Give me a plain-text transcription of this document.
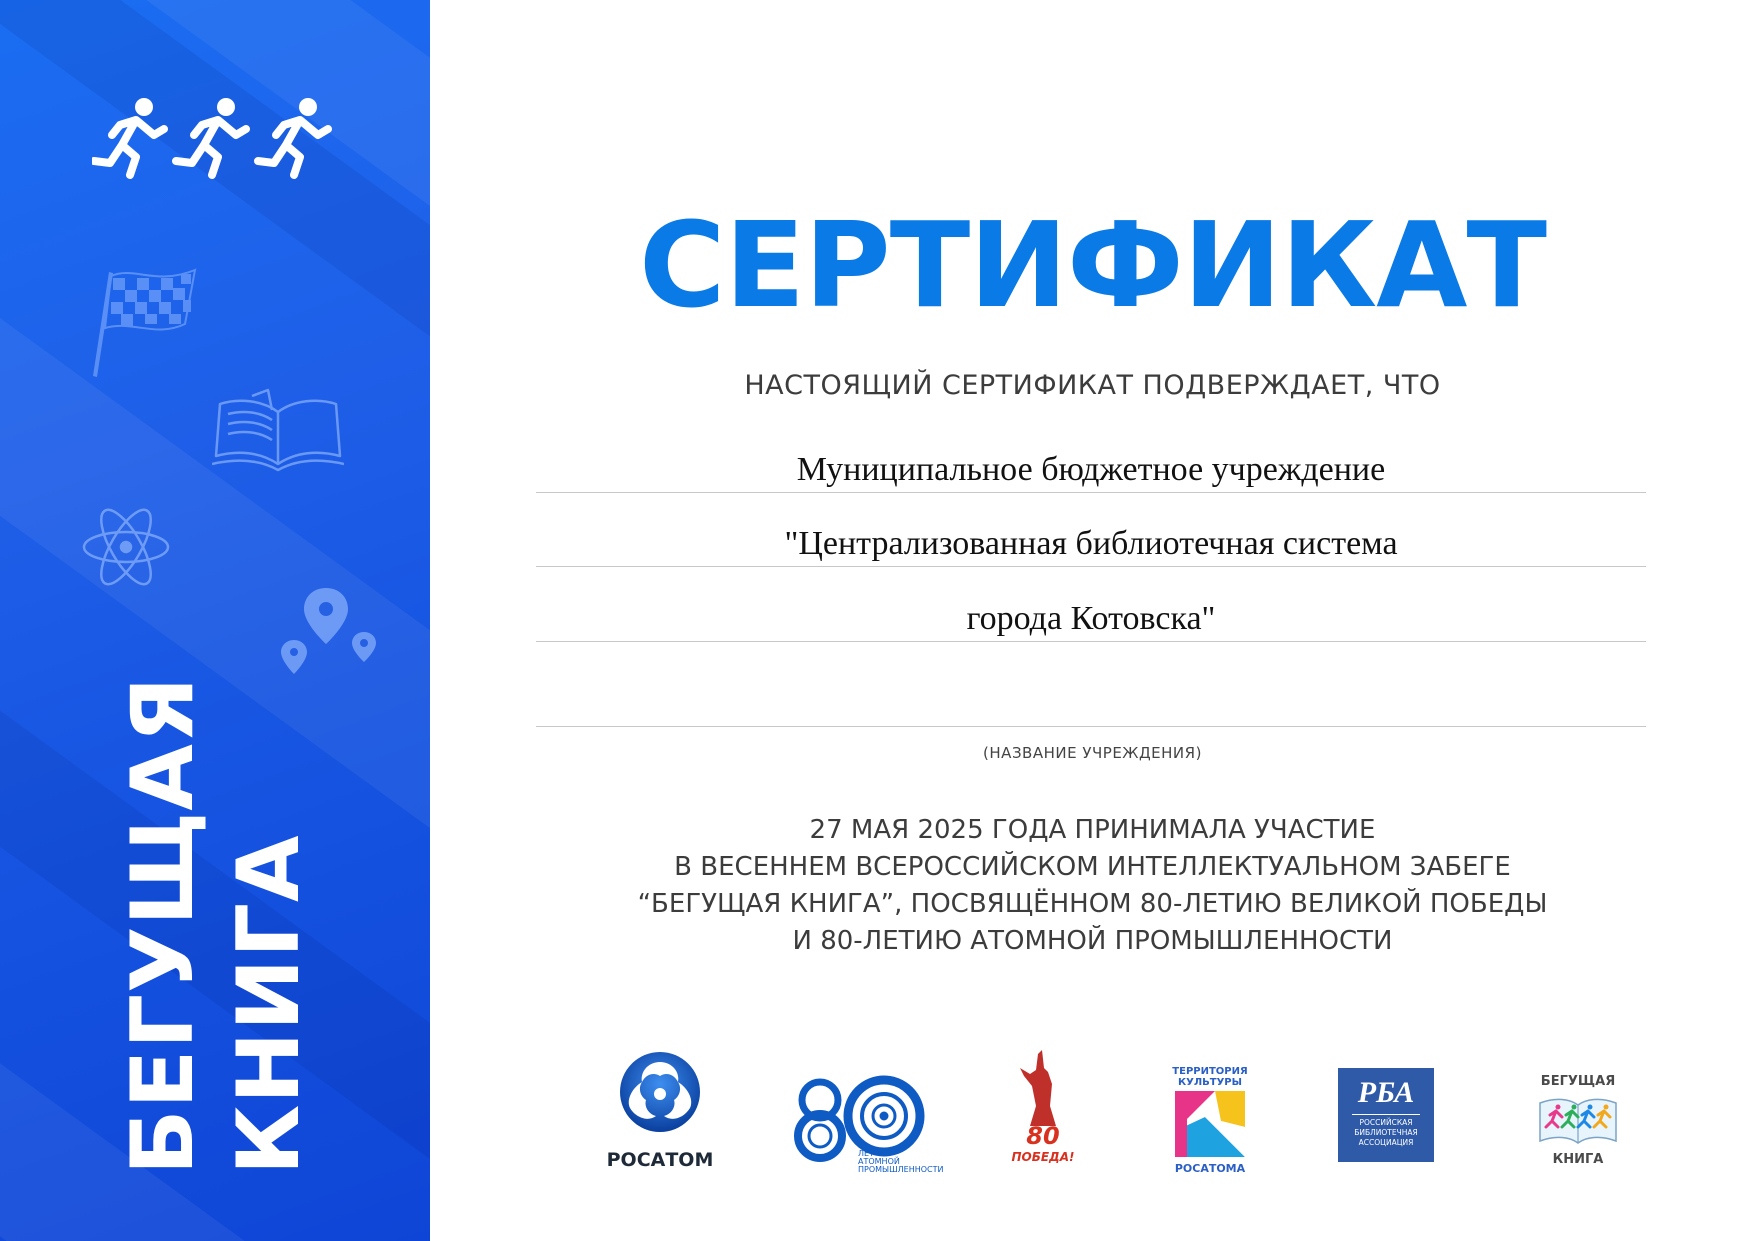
БЕГУЩАЯ КНИГА
СЕРТИФИКАТ
НАСТОЯЩИЙ СЕРТИФИКАТ ПОДВЕРЖДАЕТ, ЧТО
Муниципальное бюджетное учреждение
"Централизованная библиотечная система
города Котовска"
(НАЗВАНИЕ УЧРЕЖДЕНИЯ)
27 МАЯ 2025 ГОДА ПРИНИМАЛА УЧАСТИЕ
В ВЕСЕННЕМ ВСЕРОССИЙСКОМ ИНТЕЛЛЕКТУАЛЬНОМ ЗАБЕГЕ
“БЕГУЩАЯ КНИГА”, ПОСВЯЩЁННОМ 80-ЛЕТИЮ ВЕЛИКОЙ ПОБЕДЫ
И 80-ЛЕТИЮ АТОМНОЙ ПРОМЫШЛЕННОСТИ
РОСАТОМ	ЛЕТ
АТОМНОЙ
ПРОМЫШЛЕННОСТИ
80
ПОБЕДА!
ТЕРРИТОРИЯ
КУЛЬТУРЫ
РОСАТОМА
РБА
РОССИЙСКАЯ
БИБЛИОТЕЧНАЯ
АССОЦИАЦИЯ
БЕГУЩАЯ
КНИГА
